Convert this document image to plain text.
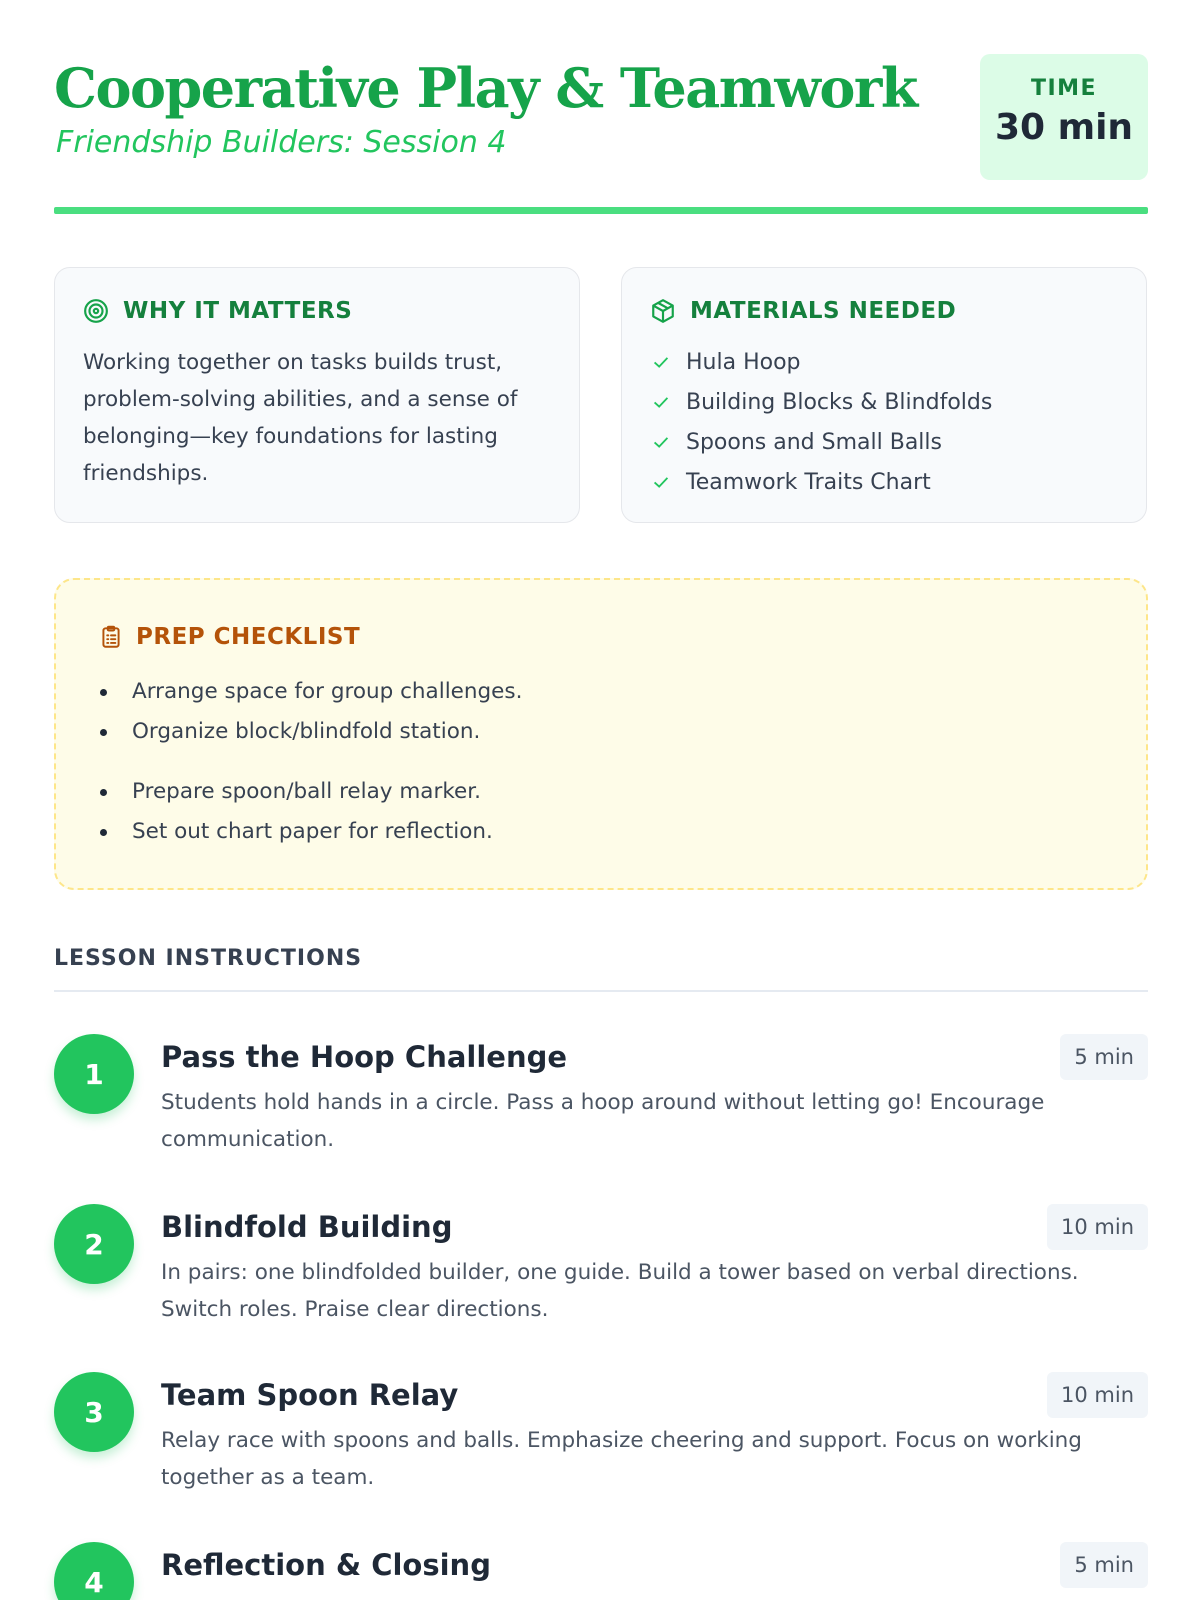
Cooperative Play & Teamwork
Friendship Builders: Session 4
TIME
30 min
WHY IT MATTERS

Working together on tasks builds trust, problem-solving abilities, and a sense of belonging—key foundations for lasting friendships.

MATERIALS NEEDED
Hula Hoop
Building Blocks & Blindfolds
Spoons and Small Balls
Teamwork Traits Chart
PREP CHECKLIST
Arrange space for group challenges.
Organize block/blindfold station.
Prepare spoon/ball relay marker.
Set out chart paper for reflection.
LESSON INSTRUCTIONS
1	Pass the Hoop Challenge	5 min

Students hold hands in a circle. Pass a hoop around without letting go! Encourage communication.

2	Blindfold Building	10 min

In pairs: one blindfolded builder, one guide. Build a tower based on verbal directions. Switch roles. Praise clear directions.

3	Team Spoon Relay	10 min

Relay race with spoons and balls. Emphasize cheering and support. Focus on working together as a team.

4	Reflection & Closing	5 min
